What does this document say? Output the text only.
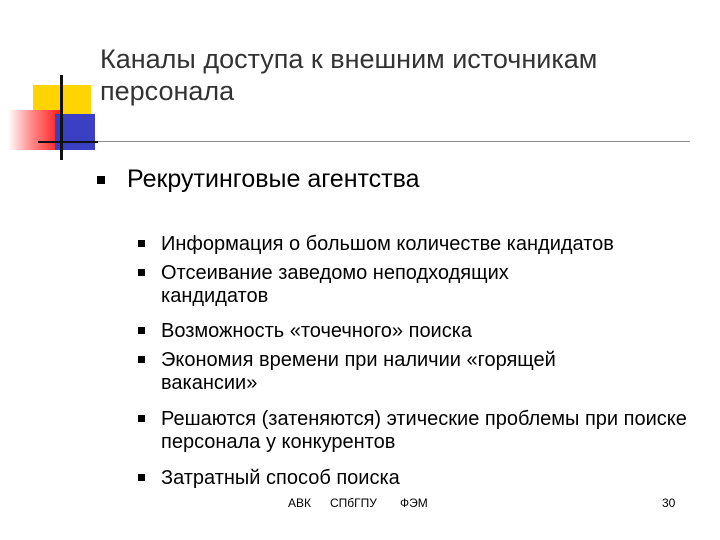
Каналы доступа к внешним источникам персонала
Рекрутинговые агентства
Информация о большом количестве кандидатов
Отсеивание заведомо неподходящих кандидатов
Возможность «точечного» поиска
Экономия времени при наличии «горящей вакансии»
Решаются (затеняются) этические проблемы при поиске персонала у конкурентов
Затратный способ поиска
АВК СПбГПУ ФЭМ	30
